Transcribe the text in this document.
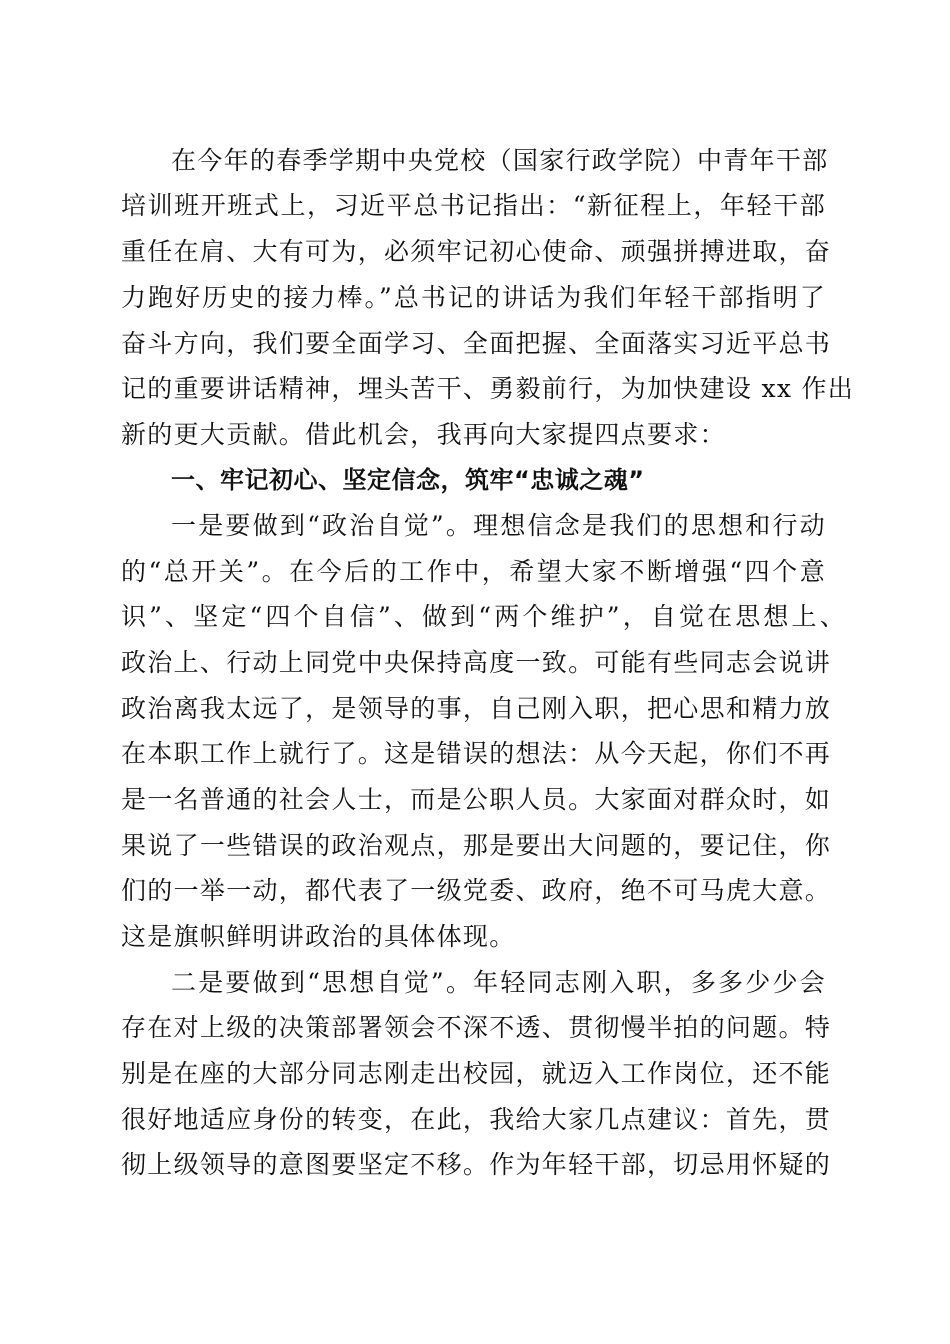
在今年的春季学期中央党校（国家行政学院）中青年干部

培训班开班式上，习近平总书记指出：“新征程上，年轻干部

重任在肩、大有可为，必须牢记初心使命、顽强拼搏进取，奋

力跑好历史的接力棒。”总书记的讲话为我们年轻干部指明了

奋斗方向，我们要全面学习、全面把握、全面落实习近平总书

记的重要讲话精神，埋头苦干、勇毅前行，为加快建设 xx 作出

新的更大贡献。借此机会，我再向大家提四点要求：

一、牢记初心、坚定信念，筑牢“忠诚之魂”

一是要做到“政治自觉”。理想信念是我们的思想和行动

的“总开关”。在今后的工作中，希望大家不断增强“四个意

识”、坚定“四个自信”、做到“两个维护”，自觉在思想上、

政治上、行动上同党中央保持高度一致。可能有些同志会说讲

政治离我太远了，是领导的事，自己刚入职，把心思和精力放

在本职工作上就行了。这是错误的想法：从今天起，你们不再

是一名普通的社会人士，而是公职人员。大家面对群众时，如

果说了一些错误的政治观点，那是要出大问题的，要记住，你

们的一举一动，都代表了一级党委、政府，绝不可马虎大意。

这是旗帜鲜明讲政治的具体体现。

二是要做到“思想自觉”。年轻同志刚入职，多多少少会

存在对上级的决策部署领会不深不透、贯彻慢半拍的问题。特

别是在座的大部分同志刚走出校园，就迈入工作岗位，还不能

很好地适应身份的转变，在此，我给大家几点建议：首先，贯

彻上级领导的意图要坚定不移。作为年轻干部，切忌用怀疑的
